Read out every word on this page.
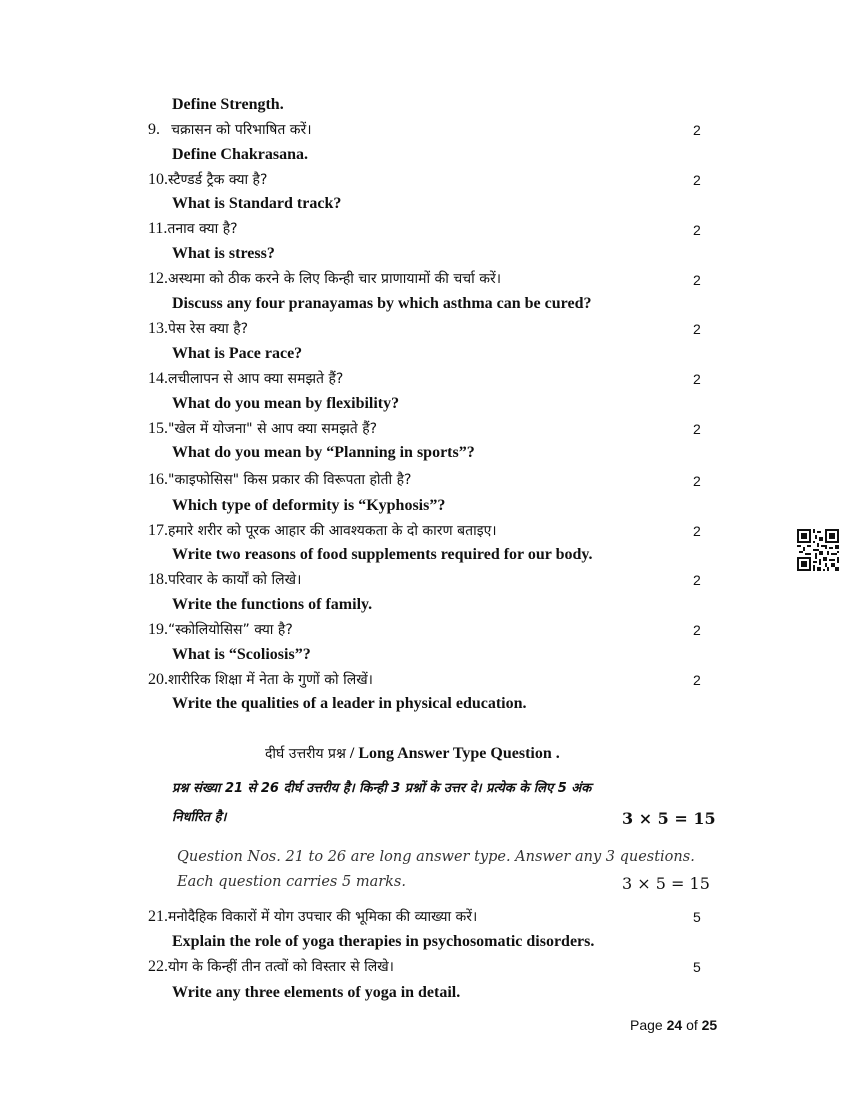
Define Strength.
9. चक्रासन को परिभाषित करें।	2
Define Chakrasana.
10.स्टैण्डर्ड ट्रैक क्या है?	2
What is Standard track?
11.तनाव क्या है?	2
What is stress?
12.अस्थमा को ठीक करने के लिए किन्ही चार प्राणायामों की चर्चा करें।	2
Discuss any four pranayamas by which asthma can be cured?
13.पेस रेस क्या है?	2
What is Pace race?
14.लचीलापन से आप क्या समझते हैं?	2
What do you mean by flexibility?
15."खेल में योजना" से आप क्या समझते हैं?	2
What do you mean by “Planning in sports”?
16."काइफोसिस" किस प्रकार की विरूपता होती है?	2
Which type of deformity is “Kyphosis”?
17.हमारे शरीर को पूरक आहार की आवश्यकता के दो कारण बताइए।	2
Write two reasons of food supplements required for our body.
18.परिवार के कार्यों को लिखे।	2
Write the functions of family.
19.“स्कोलियोसिस” क्या है?	2
What is “Scoliosis”?
20.शारीरिक शिक्षा में नेता के गुणों को लिखें।	2
Write the qualities of a leader in physical education.
दीर्घ उत्तरीय प्रश्न / Long Answer Type Question .
प्रश्न संख्या 21 से 26 दीर्घ उत्तरीय है। किन्ही 3 प्रश्नों के उत्तर दे। प्रत्येक के लिए 5 अंक
निर्धारित है।	3 × 5 = 15
Question Nos. 21 to 26 are long answer type. Answer any 3 questions.
Each question carries 5 marks.	3 × 5 = 15
21.मनोदैहिक विकारों में योग उपचार की भूमिका की व्याख्या करें।	5
Explain the role of yoga therapies in psychosomatic disorders.
22.योग के किन्हीं तीन तत्वों को विस्तार से लिखे।	5
Write any three elements of yoga in detail.
Page 24 of 25
